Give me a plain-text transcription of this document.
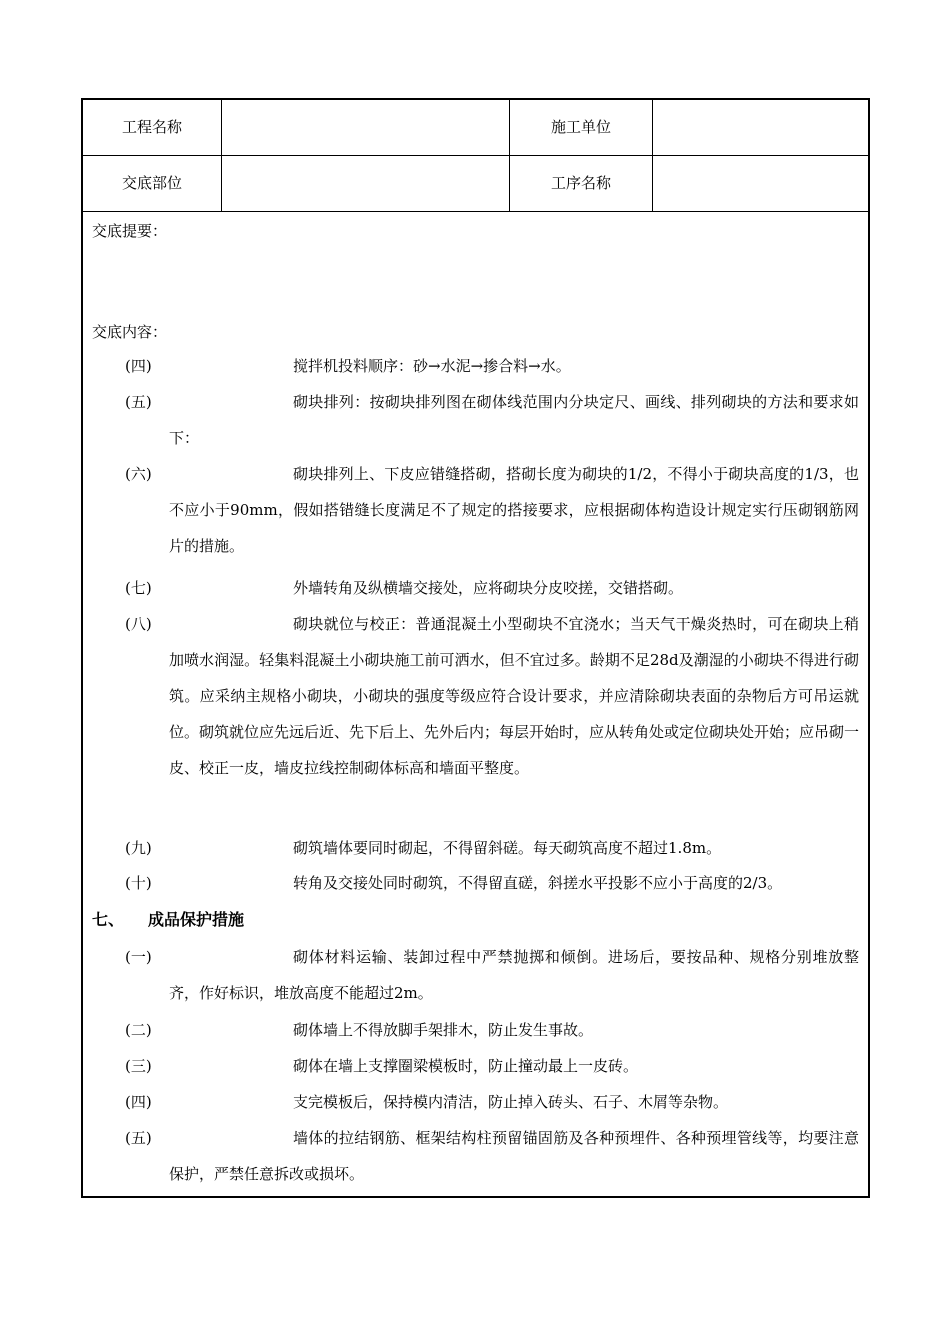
工程名称	施工单位
交底部位	工序名称
交底提要：
交底内容：
(四)	搅拌机投料顺序：砂→水泥→掺合料→水。
(五)	砌块排列：按砌块排列图在砌体线范围内分块定尺、画线、排列砌块的方法和要求如下：
(六)	砌块排列上、下皮应错缝搭砌，搭砌长度为砌块的1/2，不得小于砌块高度的1/3，也不应小于90mm，假如搭错缝长度满足不了规定的搭接要求，应根据砌体构造设计规定实行压砌钢筋网片的措施。
(七)	外墙转角及纵横墙交接处，应将砌块分皮咬搓，交错搭砌。
(八)	砌块就位与校正：普通混凝土小型砌块不宜浇水；当天气干燥炎热时，可在砌块上稍加喷水润湿。轻集料混凝土小砌块施工前可洒水，但不宜过多。龄期不足28d及潮湿的小砌块不得进行砌筑。应采纳主规格小砌块，小砌块的强度等级应符合设计要求，并应清除砌块表面的杂物后方可吊运就位。砌筑就位应先远后近、先下后上、先外后内；每层开始时，应从转角处或定位砌块处开始；应吊砌一皮、校正一皮，墙皮拉线控制砌体标高和墙面平整度。
(九)	砌筑墙体要同时砌起，不得留斜磋。每天砌筑高度不超过1.8m。
(十)	转角及交接处同时砌筑，不得留直磋，斜搓水平投影不应小于高度的2/3。
七、 成品保护措施
(一)	砌体材料运输、装卸过程中严禁抛掷和倾倒。进场后，要按品种、规格分别堆放整齐，作好标识，堆放高度不能超过2m。
(二)	砌体墙上不得放脚手架排木，防止发生事故。
(三)	砌体在墙上支撑圈梁模板时，防止撞动最上一皮砖。
(四)	支完模板后，保持模内清洁，防止掉入砖头、石子、木屑等杂物。
(五)	墙体的拉结钢筋、框架结构柱预留锚固筋及各种预埋件、各种预埋管线等，均要注意保护，严禁任意拆改或损坏。
